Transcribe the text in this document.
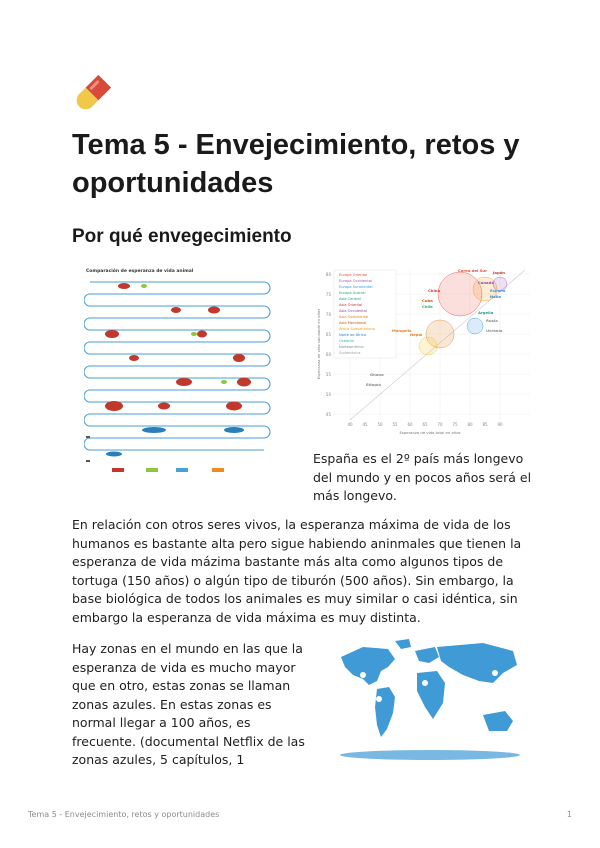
Tema 5 - Envejecimiento, retos y oportunidades
Por qué envegecimiento
Comparación de esperanza de vida animal
Europa Oriental
Europa Occidental
Europa Suroriental
Europa Austral
Asia Central
Asia Oriental
Asia Occidental
Asia Sudoriental
Asia Meridional
África Subsahariana
Norte de África
Oceanía
Norteamérica
Sudamérica
Corea del Sur Japón
España
Italia
China
Canadá
Cuba
Chile
Argelia
Mongolia
Nepal
Rusia
Ucrania
Ghana
Etiopía
80
75
70
65
60
55
50
45
40 45 50 55 60 65 70 75 80 85 90
Esperanza de vida total en años
Esperanza de vida saludable en años

España es el 2º país más longevo del mundo y en pocos años será el más longevo.

En relación con otros seres vivos, la esperanza máxima de vida de los humanos es bastante alta pero sigue habiendo aninmales que tienen la esperanza de vida mázima bastante más alta como algunos tipos de tortuga (150 años) o algún tipo de tiburón (500 años). Sin embargo, la base biológica de todos los animales es muy similar o casi idéntica, sin embargo la esperanza de vida máxima es muy distinta.

Hay zonas en el mundo en las que la esperanza de vida es mucho mayor que en otro, estas zonas se llaman zonas azules. En estas zonas es normal llegar a 100 años, es frecuente. (documental Netflix de las zonas azules, 5 capítulos, 1

Tema 5 - Envejecimiento, retos y oportunidades	1
